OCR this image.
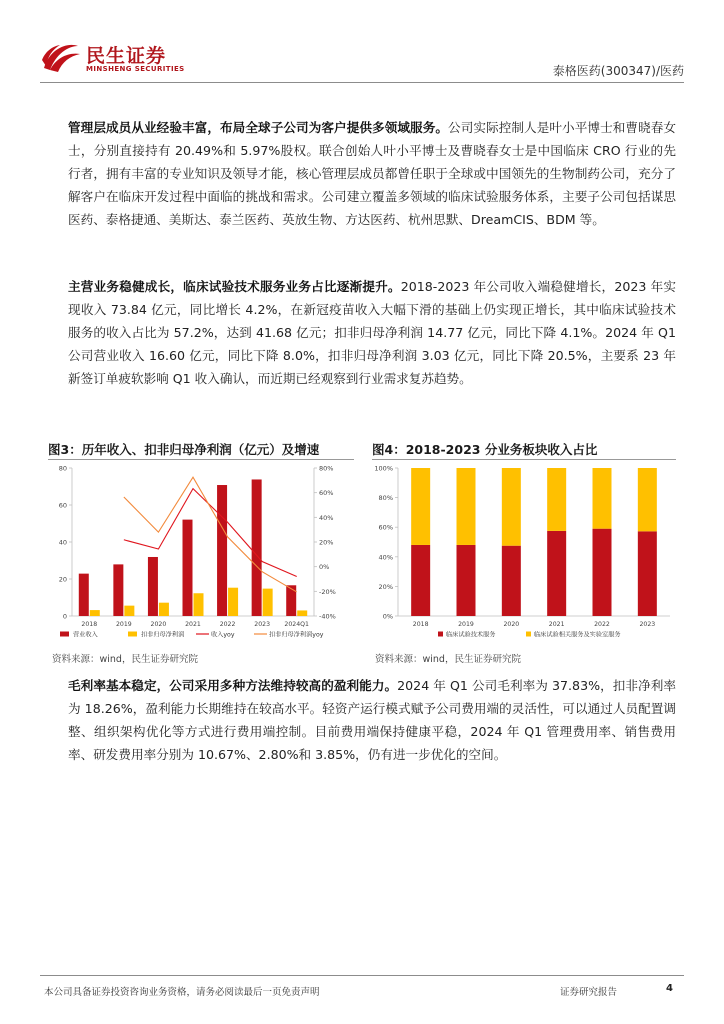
民生证券
MINSHENG SECURITIES	泰格医药(300347)/医药
管理层成员从业经验丰富，布局全球子公司为客户提供多领域服务。公司实际控制人是叶小平博士和曹晓春女士，分别直接持有 20.49%和 5.97%股权。联合创始人叶小平博士及曹晓春女士是中国临床 CRO 行业的先行者，拥有丰富的专业知识及领导才能，核心管理层成员都曾任职于全球或中国领先的生物制药公司，充分了解客户在临床开发过程中面临的挑战和需求。公司建立覆盖多领域的临床试验服务体系，主要子公司包括谋思医药、泰格捷通、美斯达、泰兰医药、英放生物、方达医药、杭州思默、DreamCIS、BDM 等。
主营业务稳健成长，临床试验技术服务业务占比逐渐提升。2018-2023 年公司收入端稳健增长，2023 年实现收入 73.84 亿元，同比增长 4.2%，在新冠疫苗收入大幅下滑的基础上仍实现正增长，其中临床试验技术服务的收入占比为 57.2%，达到 41.68 亿元；扣非归母净利润 14.77 亿元，同比下降 4.1%。2024 年 Q1 公司营业收入 16.60 亿元，同比下降 8.0%，扣非归母净利润 3.03 亿元，同比下降 20.5%，主要系 23 年新签订单疲软影响 Q1 收入确认，而近期已经观察到行业需求复苏趋势。
图3：历年收入、扣非归母净利润（亿元）及增速	图4：2018-2023 分业务板块收入占比
0
20
40
60
80
-40%
-20%
0%
20%
40%
60%
80%
2018	2019	2020	2021	2022	2023 2024Q1
营业收入	扣非归母净利润	收入yoy	扣非归母净利润yoy
0%
20%
40%
60%
80%
100%
2018	2019	2020	2021	2022	2023
临床试验技术服务	临床试验相关服务及实验室服务
资料来源：wind，民生证券研究院	资料来源：wind，民生证券研究院
毛利率基本稳定，公司采用多种方法维持较高的盈利能力。2024 年 Q1 公司毛利率为 37.83%，扣非净利率为 18.26%，盈利能力长期维持在较高水平。轻资产运行模式赋予公司费用端的灵活性，可以通过人员配置调整、组织架构优化等方式进行费用端控制。目前费用端保持健康平稳，2024 年 Q1 管理费用率、销售费用率、研发费用率分别为 10.67%、2.80%和 3.85%，仍有进一步优化的空间。
本公司具备证券投资咨询业务资格，请务必阅读最后一页免责声明	证券研究报告	4
